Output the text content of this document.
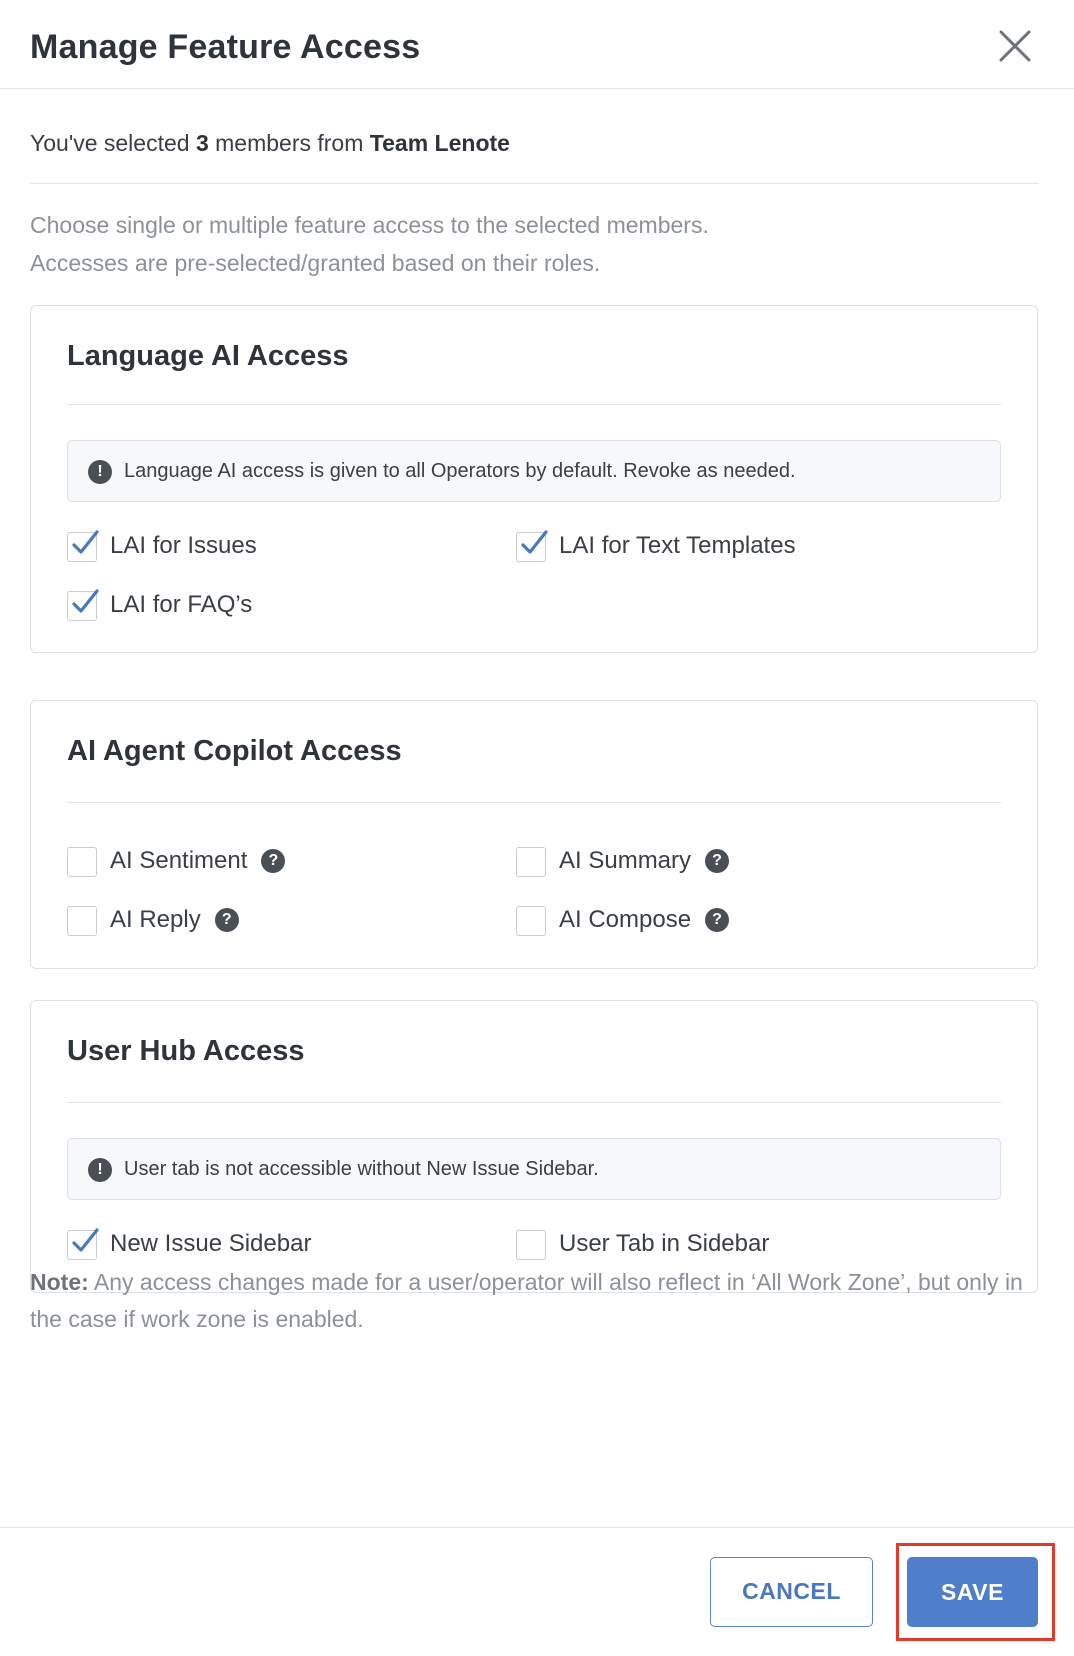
Manage Feature Access
You've selected 3 members from Team Lenote
Choose single or multiple feature access to the selected members.
Accesses are pre-selected/granted based on their roles.
Language AI Access
!	Language AI access is given to all Operators by default. Revoke as needed.
LAI for Issues	LAI for Text Templates
LAI for FAQ’s
AI Agent Copilot Access
AI Sentiment ?	AI Summary ?
AI Reply ?	AI Compose ?
User Hub Access
!	User tab is not accessible without New Issue Sidebar.
New Issue Sidebar	User Tab in Sidebar
Note: Any access changes made for a user/operator will also reflect in ‘All Work Zone’, but only in the case if work zone is enabled.
CANCEL	SAVE
